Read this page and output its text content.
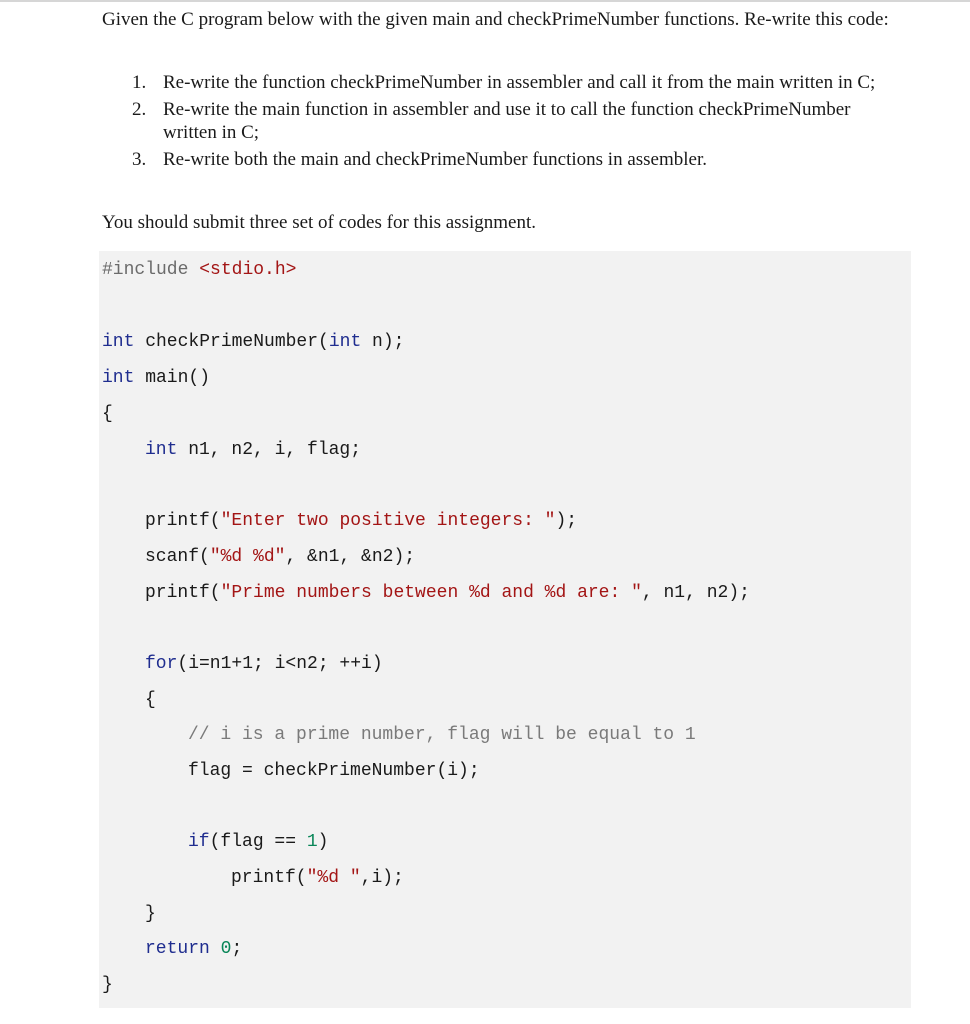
Given the C program below with the given main and checkPrimeNumber functions. Re-write this code:

1. Re-write the function checkPrimeNumber in assembler and call it from the main written in C;
2. Re-write the main function in assembler and use it to call the function checkPrimeNumber written in C;
3. Re-write both the main and checkPrimeNumber functions in assembler.

You should submit three set of codes for this assignment.

#include <stdio.h>
int checkPrimeNumber(int n);
int main()
{
int n1, n2, i, flag;
printf("Enter two positive integers: ");
scanf("%d %d", &n1, &n2);
printf("Prime numbers between %d and %d are: ", n1, n2);
for(i=n1+1; i<n2; ++i)
{
// i is a prime number, flag will be equal to 1
flag = checkPrimeNumber(i);
if(flag == 1)
printf("%d ",i);
}
return 0;
}
